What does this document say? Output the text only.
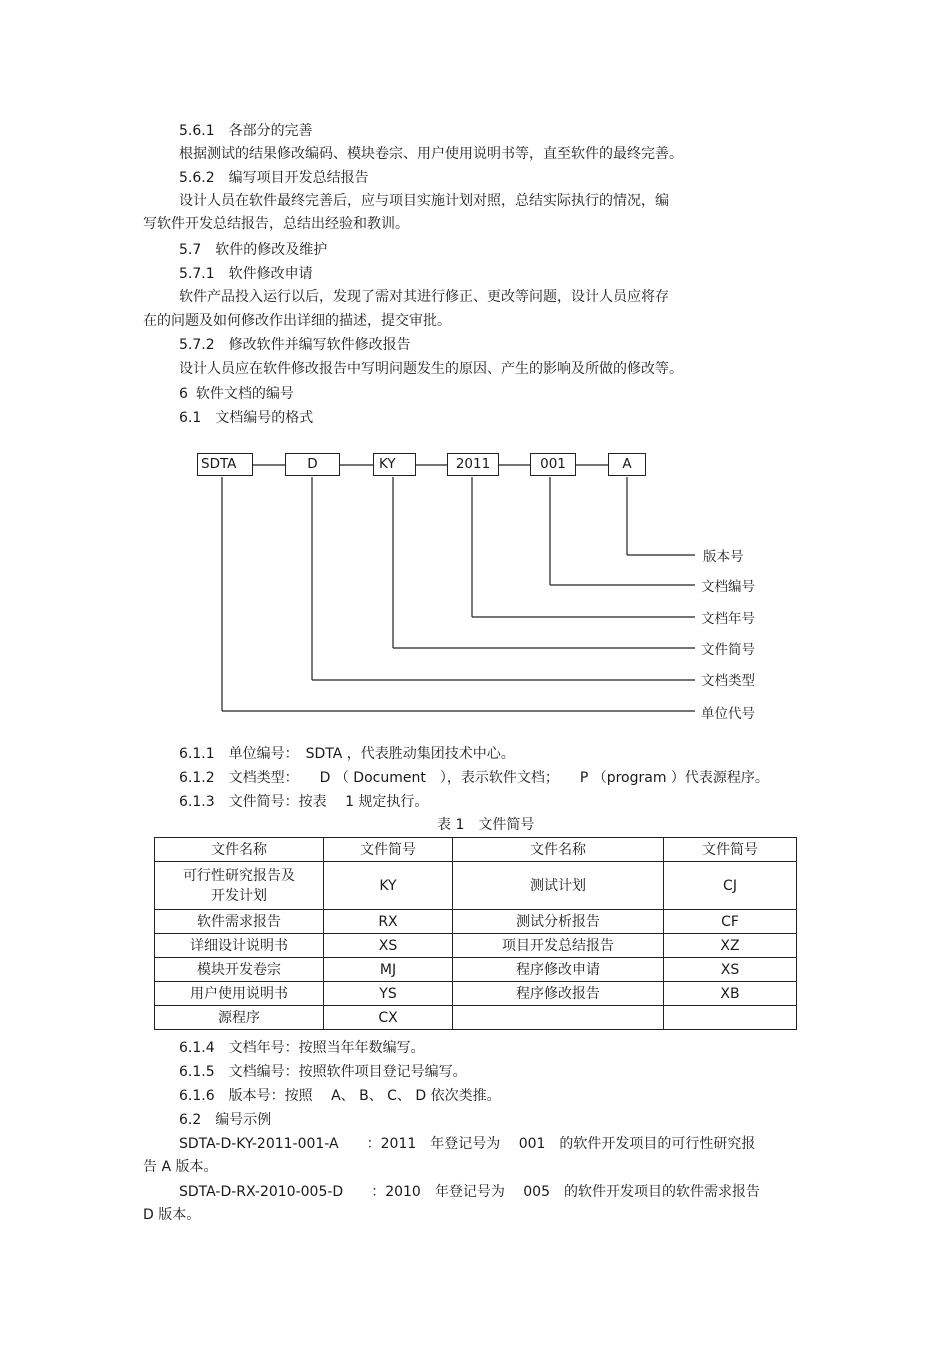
5.6.1 各部分的完善
根据测试的结果修改编码、模块卷宗、用户使用说明书等，直至软件的最终完善。
5.6.2 编写项目开发总结报告
设计人员在软件最终完善后，应与项目实施计划对照，总结实际执行的情况，编
写软件开发总结报告，总结出经验和教训。
5.7 软件的修改及维护
5.7.1 软件修改申请
软件产品投入运行以后，发现了需对其进行修正、更改等问题，设计人员应将存
在的问题及如何修改作出详细的描述，提交审批。
5.7.2 修改软件并编写软件修改报告
设计人员应在软件修改报告中写明问题发生的原因、产生的影响及所做的修改等。
6 软件文档的编号
6.1 文档编号的格式
SDTA	D	KY	2011	001	A
版本号
文档编号
文档年号
文件简号
文档类型
单位代号
6.1.1 单位编号：　SDTA ，代表胜动集团技术中心。
6.1.2 文档类型：　　D （ Document　），表示软件文档；　　P （program ）代表源程序。
6.1.3 文件简号：按表　 1 规定执行。
表 1　文件简号
文件名称	文件简号	文件名称	文件简号

可行性研究报告及
开发计划	KY	测试计划	CJ
软件需求报告	RX	测试分析报告	CF
详细设计说明书	XS	项目开发总结报告	XZ
模块开发卷宗	MJ	程序修改申请	XS
用户使用说明书	YS	程序修改报告	XB
源程序	CX		
6.1.4 文档年号：按照当年年数编写。
6.1.5 文档编号：按照软件项目登记号编写。
6.1.6 版本号：按照　 A、 B、 C、 D 依次类推。
6.2 编号示例
SDTA-D-KY-2011-001-A　　：2011　年登记号为　 001　的软件开发项目的可行性研究报
告 A 版本。
SDTA-D-RX-2010-005-D　　：2010　年登记号为　 005　的软件开发项目的软件需求报告
D 版本。
